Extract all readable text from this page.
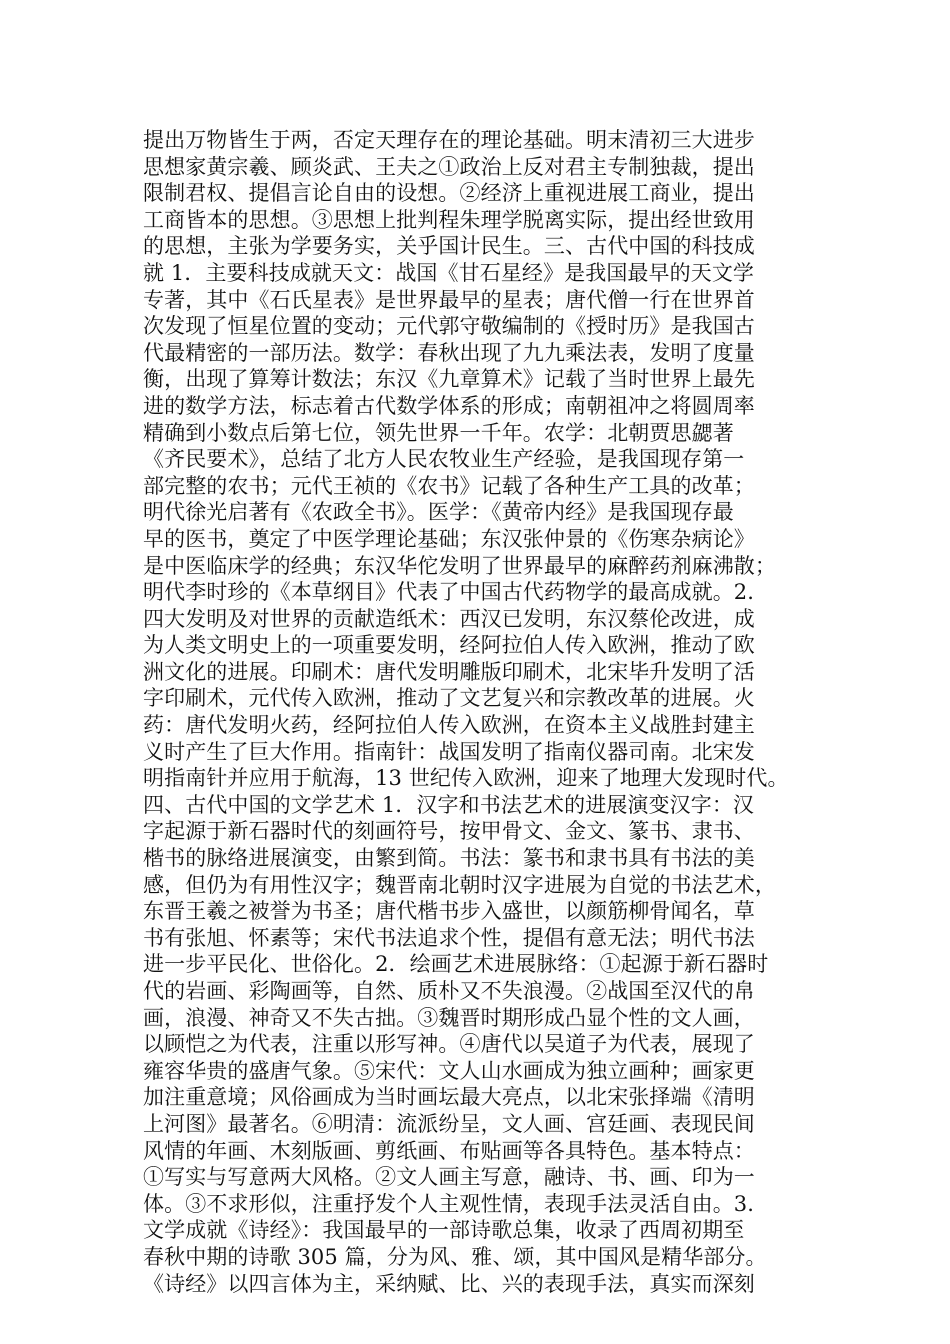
提出万物皆生于两，否定天理存在的理论基础。明末清初三大进步
思想家黄宗羲、顾炎武、王夫之①政治上反对君主专制独裁，提出
限制君权、提倡言论自由的设想。②经济上重视进展工商业，提出
工商皆本的思想。③思想上批判程朱理学脱离实际，提出经世致用
的思想，主张为学要务实，关乎国计民生。三、古代中国的科技成
就 1．主要科技成就天文：战国《甘石星经》是我国最早的天文学
专著，其中《石氏星表》是世界最早的星表；唐代僧一行在世界首
次发现了恒星位置的变动；元代郭守敬编制的《授时历》是我国古
代最精密的一部历法。数学：春秋出现了九九乘法表，发明了度量
衡，出现了算筹计数法；东汉《九章算术》记载了当时世界上最先
进的数学方法，标志着古代数学体系的形成；南朝祖冲之将圆周率
精确到小数点后第七位，领先世界一千年。农学：北朝贾思勰著
《齐民要术》，总结了北方人民农牧业生产经验，是我国现存第一
部完整的农书；元代王祯的《农书》记载了各种生产工具的改革；
明代徐光启著有《农政全书》。医学：《黄帝内经》是我国现存最
早的医书，奠定了中医学理论基础；东汉张仲景的《伤寒杂病论》
是中医临床学的经典；东汉华佗发明了世界最早的麻醉药剂麻沸散；
明代李时珍的《本草纲目》代表了中国古代药物学的最高成就。2.
四大发明及对世界的贡献造纸术：西汉已发明，东汉蔡伦改进，成
为人类文明史上的一项重要发明，经阿拉伯人传入欧洲，推动了欧
洲文化的进展。印刷术：唐代发明雕版印刷术，北宋毕升发明了活
字印刷术，元代传入欧洲，推动了文艺复兴和宗教改革的进展。火
药：唐代发明火药，经阿拉伯人传入欧洲，在资本主义战胜封建主
义时产生了巨大作用。指南针：战国发明了指南仪器司南。北宋发
明指南针并应用于航海，13 世纪传入欧洲，迎来了地理大发现时代。
四、古代中国的文学艺术 1．汉字和书法艺术的进展演变汉字：汉
字起源于新石器时代的刻画符号，按甲骨文、金文、篆书、隶书、
楷书的脉络进展演变，由繁到简。书法：篆书和隶书具有书法的美
感，但仍为有用性汉字；魏晋南北朝时汉字进展为自觉的书法艺术，
东晋王羲之被誉为书圣；唐代楷书步入盛世，以颜筋柳骨闻名，草
书有张旭、怀素等；宋代书法追求个性，提倡有意无法；明代书法
进一步平民化、世俗化。2．绘画艺术进展脉络：①起源于新石器时
代的岩画、彩陶画等，自然、质朴又不失浪漫。②战国至汉代的帛
画，浪漫、神奇又不失古拙。③魏晋时期形成凸显个性的文人画，
以顾恺之为代表，注重以形写神。④唐代以吴道子为代表，展现了
雍容华贵的盛唐气象。⑤宋代：文人山水画成为独立画种；画家更
加注重意境；风俗画成为当时画坛最大亮点，以北宋张择端《清明
上河图》最著名。⑥明清：流派纷呈，文人画、宫廷画、表现民间
风情的年画、木刻版画、剪纸画、布贴画等各具特色。基本特点：
①写实与写意两大风格。②文人画主写意，融诗、书、画、印为一
体。③不求形似，注重抒发个人主观性情，表现手法灵活自由。3.
文学成就《诗经》：我国最早的一部诗歌总集，收录了西周初期至
春秋中期的诗歌 305 篇，分为风、雅、颂，其中国风是精华部分。
《诗经》以四言体为主，采纳赋、比、兴的表现手法，真实而深刻
